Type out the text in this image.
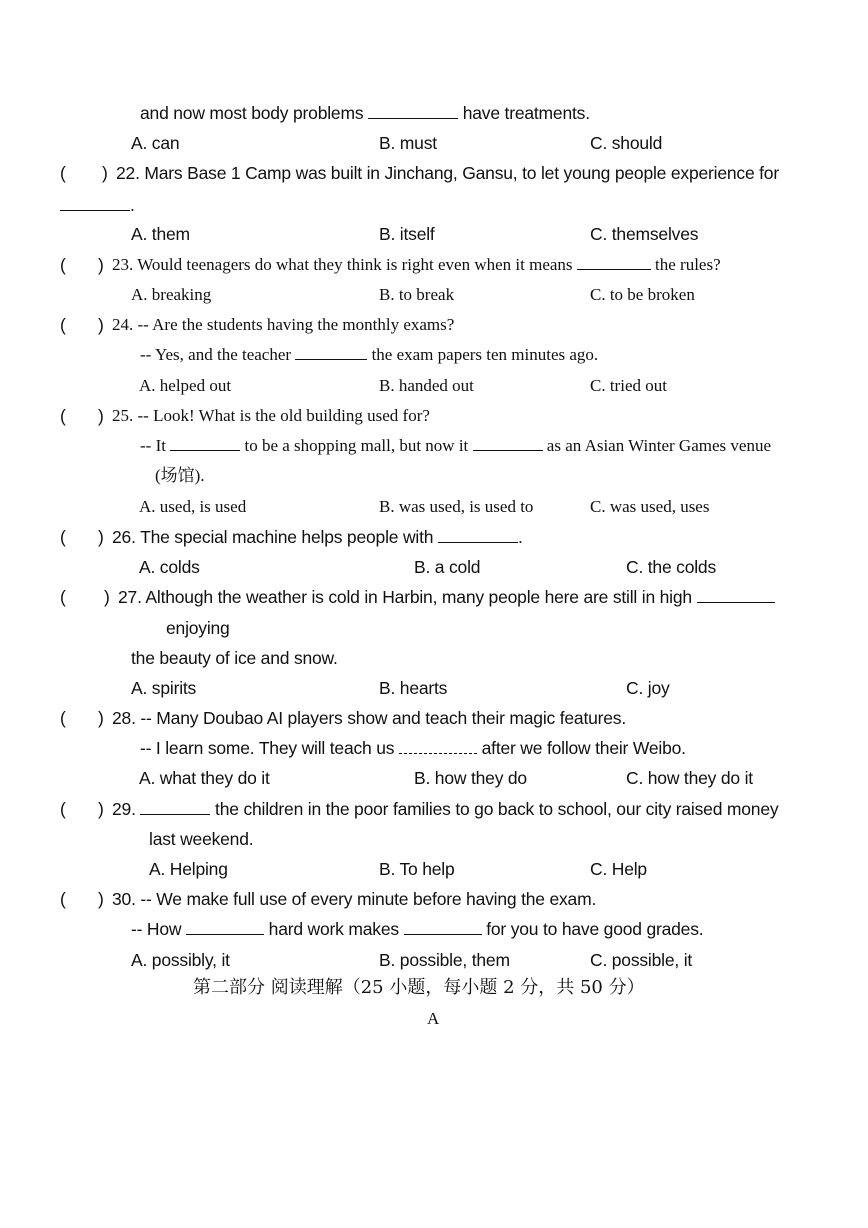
and now most body problems	have treatments.
A. can	B. must	C. should
( ) 22. Mars Base 1 Camp was built in Jinchang, Gansu, to let young people experience for
.
A. them	B. itself	C. themselves
( ) 23. Would teenagers do what they think is right even when it means	the rules?
A. breaking	B. to break	C. to be broken
( ) 24. -- Are the students having the monthly exams?
-- Yes, and the teacher	the exam papers ten minutes ago.
A. helped out	B. handed out	C. tried out
( ) 25. -- Look! What is the old building used for?
-- It	to be a shopping mall, but now it	as an Asian Winter Games venue
(场馆).
A. used, is used	B. was used, is used to	C. was used, uses
( ) 26. The special machine helps people with	.
A. colds	B. a cold	C. the colds
( ) 27. Although the weather is cold in Harbin, many people here are still in high
enjoying
the beauty of ice and snow.
A. spirits	B. hearts	C. joy
( ) 28. -- Many Doubao AI players show and teach their magic features.
-- I learn some. They will teach us	after we follow their Weibo.
A. what they do it	B. how they do	C. how they do it
( ) 29.	the children in the poor families to go back to school, our city raised money
last weekend.
A. Helping	B. To help	C. Help
( ) 30. -- We make full use of every minute before having the exam.
-- How	hard work makes	for you to have good grades.
A. possibly, it	B. possible, them	C. possible, it
第二部分 阅读理解（25 小题，每小题 2 分，共 50 分）
A
